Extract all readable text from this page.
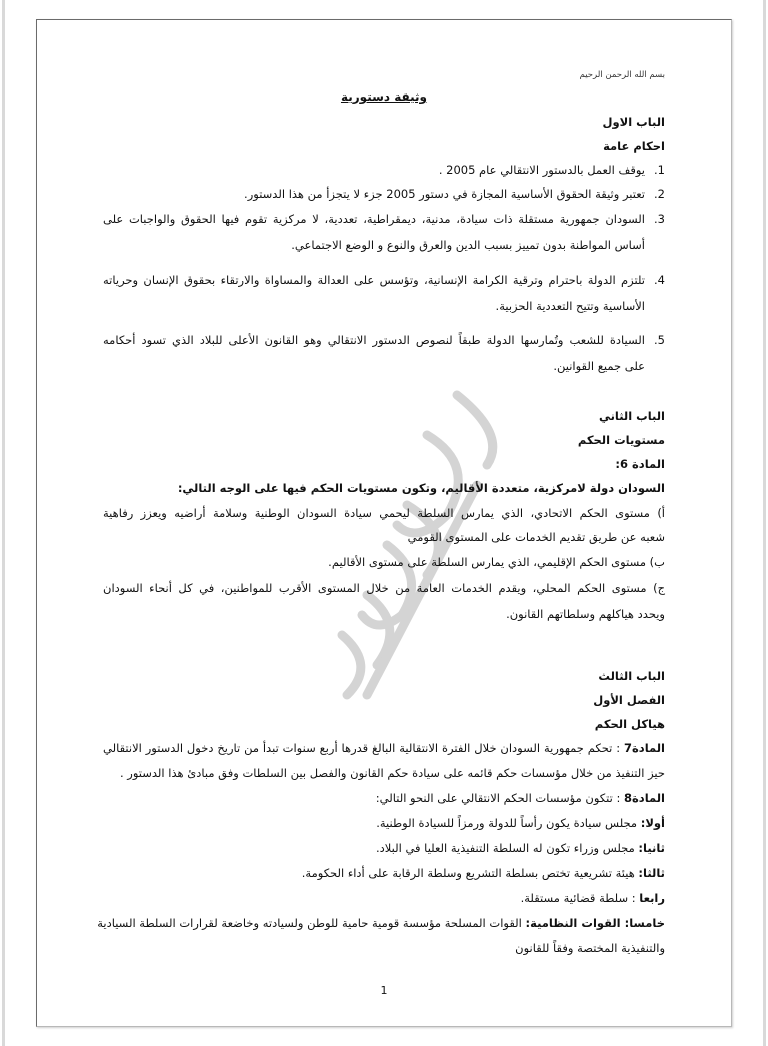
بسم الله الرحمن الرحيم
وثيقة دستورية
الباب الاول
احكام عامة
1.يوقف العمل بالدستور الانتقالي عام 2005 .
2.تعتبر وثيقة الحقوق الأساسية المجازة في دستور 2005 جزء لا يتجزأ من هذا الدستور.
3.السودان جمهورية مستقلة ذات سيادة، مدنية، ديمقراطية، تعددية، لا مركزية تقوم فيها الحقوق والواجبات على
أساس المواطنة بدون تمييز بسبب الدين والعرق والنوع و الوضع الاجتماعي.
4.تلتزم الدولة باحترام وترقية الكرامة الإنسانية، وتؤسس على العدالة والمساواة والارتقاء بحقوق الإنسان وحرياته
الأساسية وتتيح التعددية الحزبية.
5.السيادة للشعب وتُمارسها الدولة طبقاً لنصوص الدستور الانتقالي وهو القانون الأعلى للبلاد الذي تسود أحكامه
على جميع القوانين.
الباب الثاني
مستويات الحكم
المادة 6:
السودان دولة لامركزية، متعددة الأقاليم، وتكون مستويات الحكم فيها على الوجه التالي:
أ) مستوى الحكم الاتحادي، الذي يمارس السلطة ليحمي سيادة السودان الوطنية وسلامة أراضيه ويعزز رفاهية
شعبه عن طريق تقديم الخدمات على المستوى القومي
ب) مستوى الحكم الإقليمي، الذي يمارس السلطة على مستوى الأقاليم.
ج) مستوى الحكم المحلي، ويقدم الخدمات العامة من خلال المستوى الأقرب للمواطنين، في كل أنحاء السودان
ويحدد هياكلهم وسلطاتهم القانون.
الباب الثالث
الفصل الأول
هياكل الحكم
المادة7 : تحكم جمهورية السودان خلال الفترة الانتقالية البالغ قدرها أربع سنوات تبدأ من تاريخ دخول الدستور الانتقالي
حيز التنفيذ من خلال مؤسسات حكم قائمه على سيادة حكم القانون والفصل بين السلطات وفق مبادئ هذا الدستور .
المادة8 : تتكون مؤسسات الحكم الانتقالي على النحو التالي:
أولا: مجلس سيادة يكون رأساً للدولة ورمزاً للسيادة الوطنية.
ثانيا: مجلس وزراء تكون له السلطة التنفيذية العليا في البلاد.
ثالثا: هيئة تشريعية تختص بسلطة التشريع وسلطة الرقابة على أداء الحكومة.
رابعا : سلطة قضائية مستقلة.
خامسا: القوات النظامية: القوات المسلحة مؤسسة قومية حامية للوطن ولسيادته وخاضعة لقرارات السلطة السيادية
والتنفيذية المختصة وفقاً للقانون
1
